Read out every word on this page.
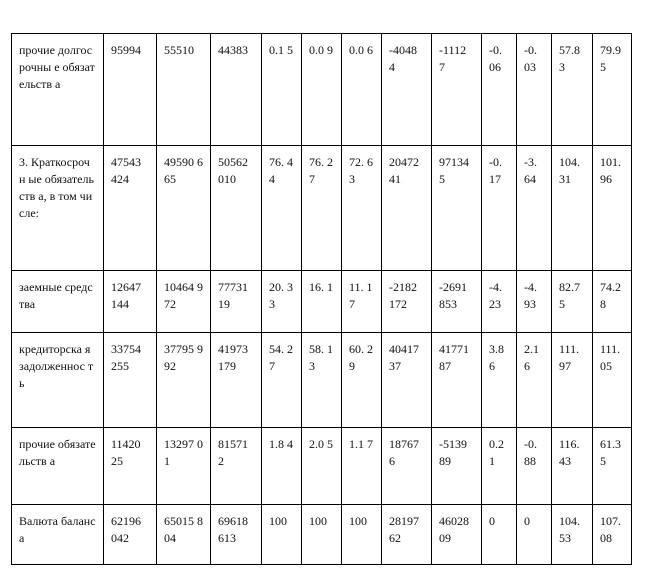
прочие долгосрочны е обязательств а	95994	55510	44383	0.1 5	0.0 9	0.0 6	-4048 4	-1112 7	-0. 06	-0. 03	57.8 3	79.9 5
3. Краткосрочн ые обязательств а, в том числе:	47543 424	49590 665	50562 010	76. 44	76. 27	72. 63	20472 41	97134 5	-0. 17	-3. 64	104. 31	101. 96
заемные средства	12647 144	10464 972	77731 19	20. 33	16. 1	11. 17	-2182 172	-2691 853	-4. 23	-4. 93	82.7 5	74.2 8
кредиторска я задолженнос ть	33754 255	37795 992	41973 179	54. 27	58. 13	60. 29	40417 37	41771 87	3.8 6	2.1 6	111. 97	111. 05
прочие обязательств а	11420 25	13297 01	81571 2	1.8 4	2.0 5	1.1 7	18767 6	-5139 89	0.2 1	-0. 88	116. 43	61.3 5
Валюта баланса	62196 042	65015 804	69618 613	100	100	100	28197 62	46028 09	0	0	104. 53	107. 08
